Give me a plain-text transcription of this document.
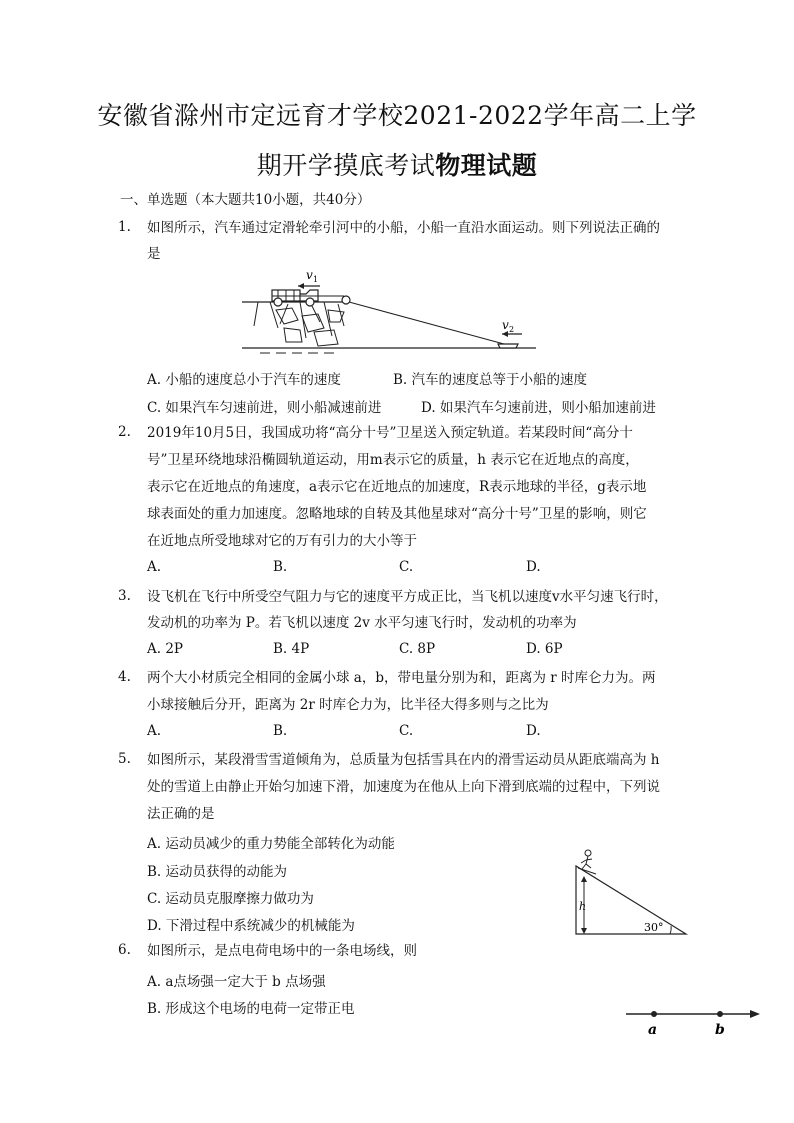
安徽省滁州市定远育才学校2021-2022学年高二上学
期开学摸底考试物理试题
一、单选题（本大题共10小题，共40分）
1. 如图所示，汽车通过定滑轮牵引河中的小船，小船一直沿水面运动。则下列说法正确的
是
v 1
v 2
A. 小船的速度总小于汽车的速度	B. 汽车的速度总等于小船的速度
C. 如果汽车匀速前进，则小船减速前进	D. 如果汽车匀速前进，则小船加速前进
2. 2019年10月5日，我国成功将“高分十号”卫星送入预定轨道。若某段时间“高分十
号”卫星环绕地球沿椭圆轨道运动，用m表示它的质量，h 表示它在近地点的高度，
表示它在近地点的角速度，a表示它在近地点的加速度，R表示地球的半径，g表示地
球表面处的重力加速度。忽略地球的自转及其他星球对“高分十号”卫星的影响，则它
在近地点所受地球对它的万有引力的大小等于
A.	B.	C.	D.
3. 设飞机在飞行中所受空气阻力与它的速度平方成正比，当飞机以速度v水平匀速飞行时，
发动机的功率为 P。若飞机以速度 2v 水平匀速飞行时，发动机的功率为
A. 2P	B. 4P	C. 8P	D. 6P
4. 两个大小材质完全相同的金属小球 a，b，带电量分别为和，距离为 r 时库仑力为。两
小球接触后分开，距离为 2r 时库仑力为，比半径大得多则与之比为
A.	B.	C.	D.
5. 如图所示，某段滑雪雪道倾角为，总质量为包括雪具在内的滑雪运动员从距底端高为 h
处的雪道上由静止开始匀加速下滑，加速度为在他从上向下滑到底端的过程中，下列说
法正确的是
A. 运动员减少的重力势能全部转化为动能
B. 运动员获得的动能为
C. 运动员克服摩擦力做功为
D. 下滑过程中系统减少的机械能为
h
30°
6. 如图所示，是点电荷电场中的一条电场线，则
A. a点场强一定大于 b 点场强
B. 形成这个电场的电荷一定带正电
a	b
